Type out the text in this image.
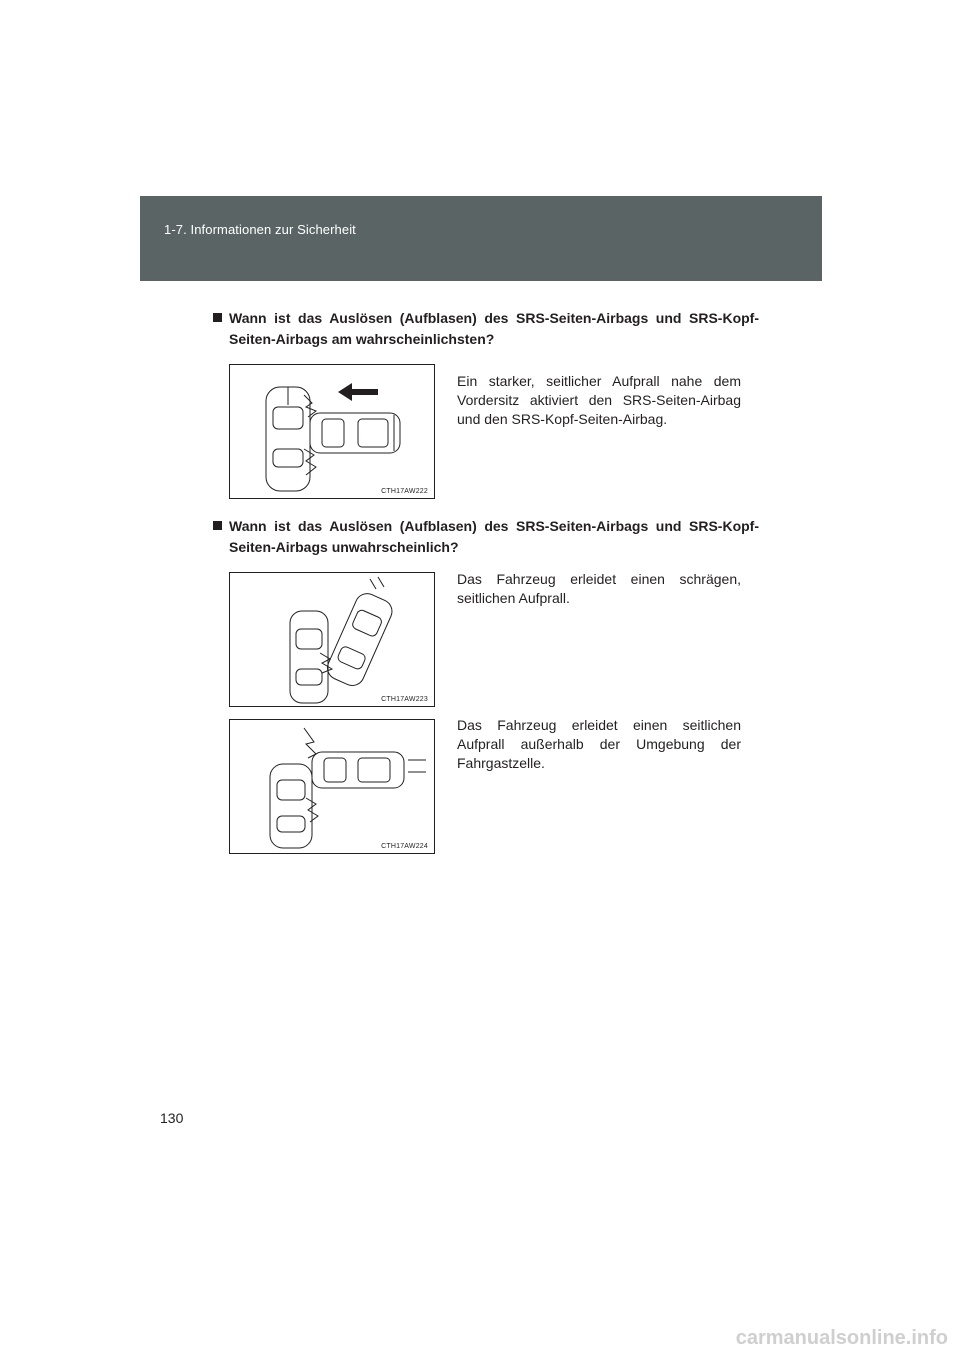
1-7. Informationen zur Sicherheit
Wann ist das Auslösen (Aufblasen) des SRS-Seiten-Airbags und SRS-Kopf-Seiten-Airbags am wahrscheinlichsten?
CTH17AW222
Ein starker, seitlicher Aufprall nahe dem Vordersitz aktiviert den SRS-Seiten-Airbag und den SRS-Kopf-Seiten-Airbag.
Wann ist das Auslösen (Aufblasen) des SRS-Seiten-Airbags und SRS-Kopf-Seiten-Airbags unwahrscheinlich?
CTH17AW223
Das Fahrzeug erleidet einen schrägen, seitlichen Aufprall.
CTH17AW224
Das Fahrzeug erleidet einen seitlichen Aufprall außerhalb der Umgebung der Fahrgastzelle.
130
carmanualsonline.info
